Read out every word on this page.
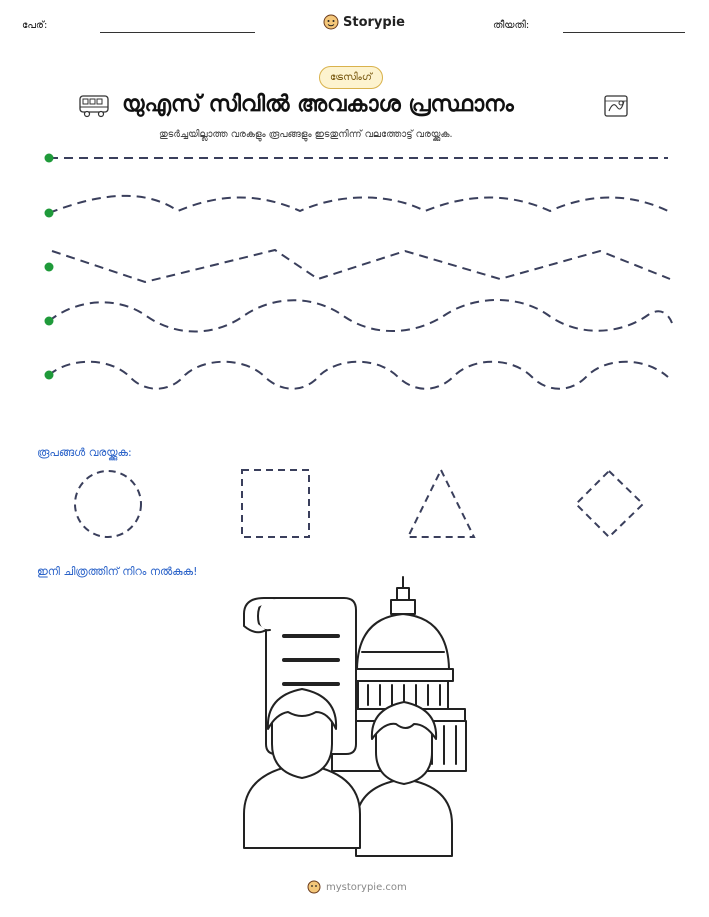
പേര്:	Storypie	തീയതി:
ട്രേസിംഗ്
യുഎസ് സിവിൽ അവകാശ പ്രസ്ഥാനം
തുടർച്ചയില്ലാത്ത വരകളും രൂപങ്ങളും ഇടതുനിന്ന് വലത്തോട്ട് വരയ്ക്കുക.
രൂപങ്ങൾ വരയ്ക്കുക:
ഇനി ചിത്രത്തിന് നിറം നൽകുക!
mystorypie.com
